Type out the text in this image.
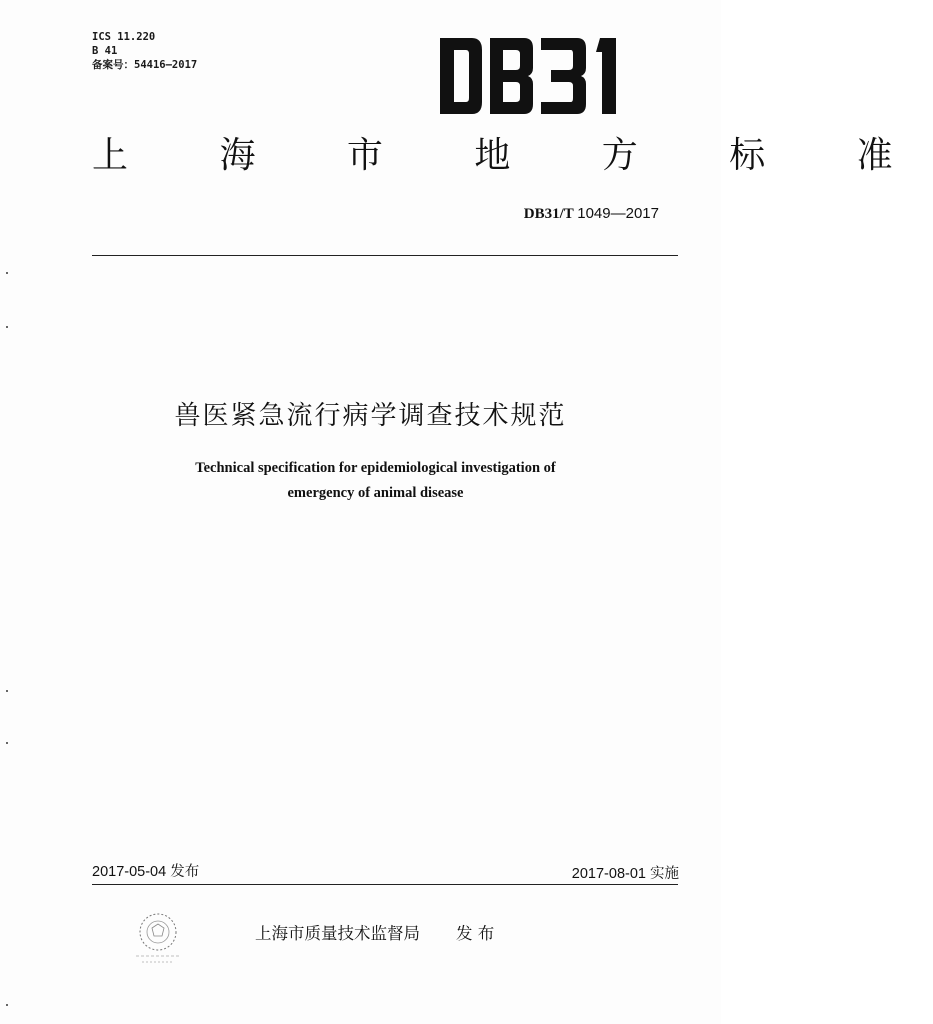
ICS 11.220
B 41
备案号：54416—2017
上 海 市 地 方 标 准
DB31/T 1049—2017
兽医紧急流行病学调查技术规范
Technical specification for epidemiological investigation of
emergency of animal disease
2017-05-04 发布	2017-08-01 实施
上海市质量技术监督局 发 布
